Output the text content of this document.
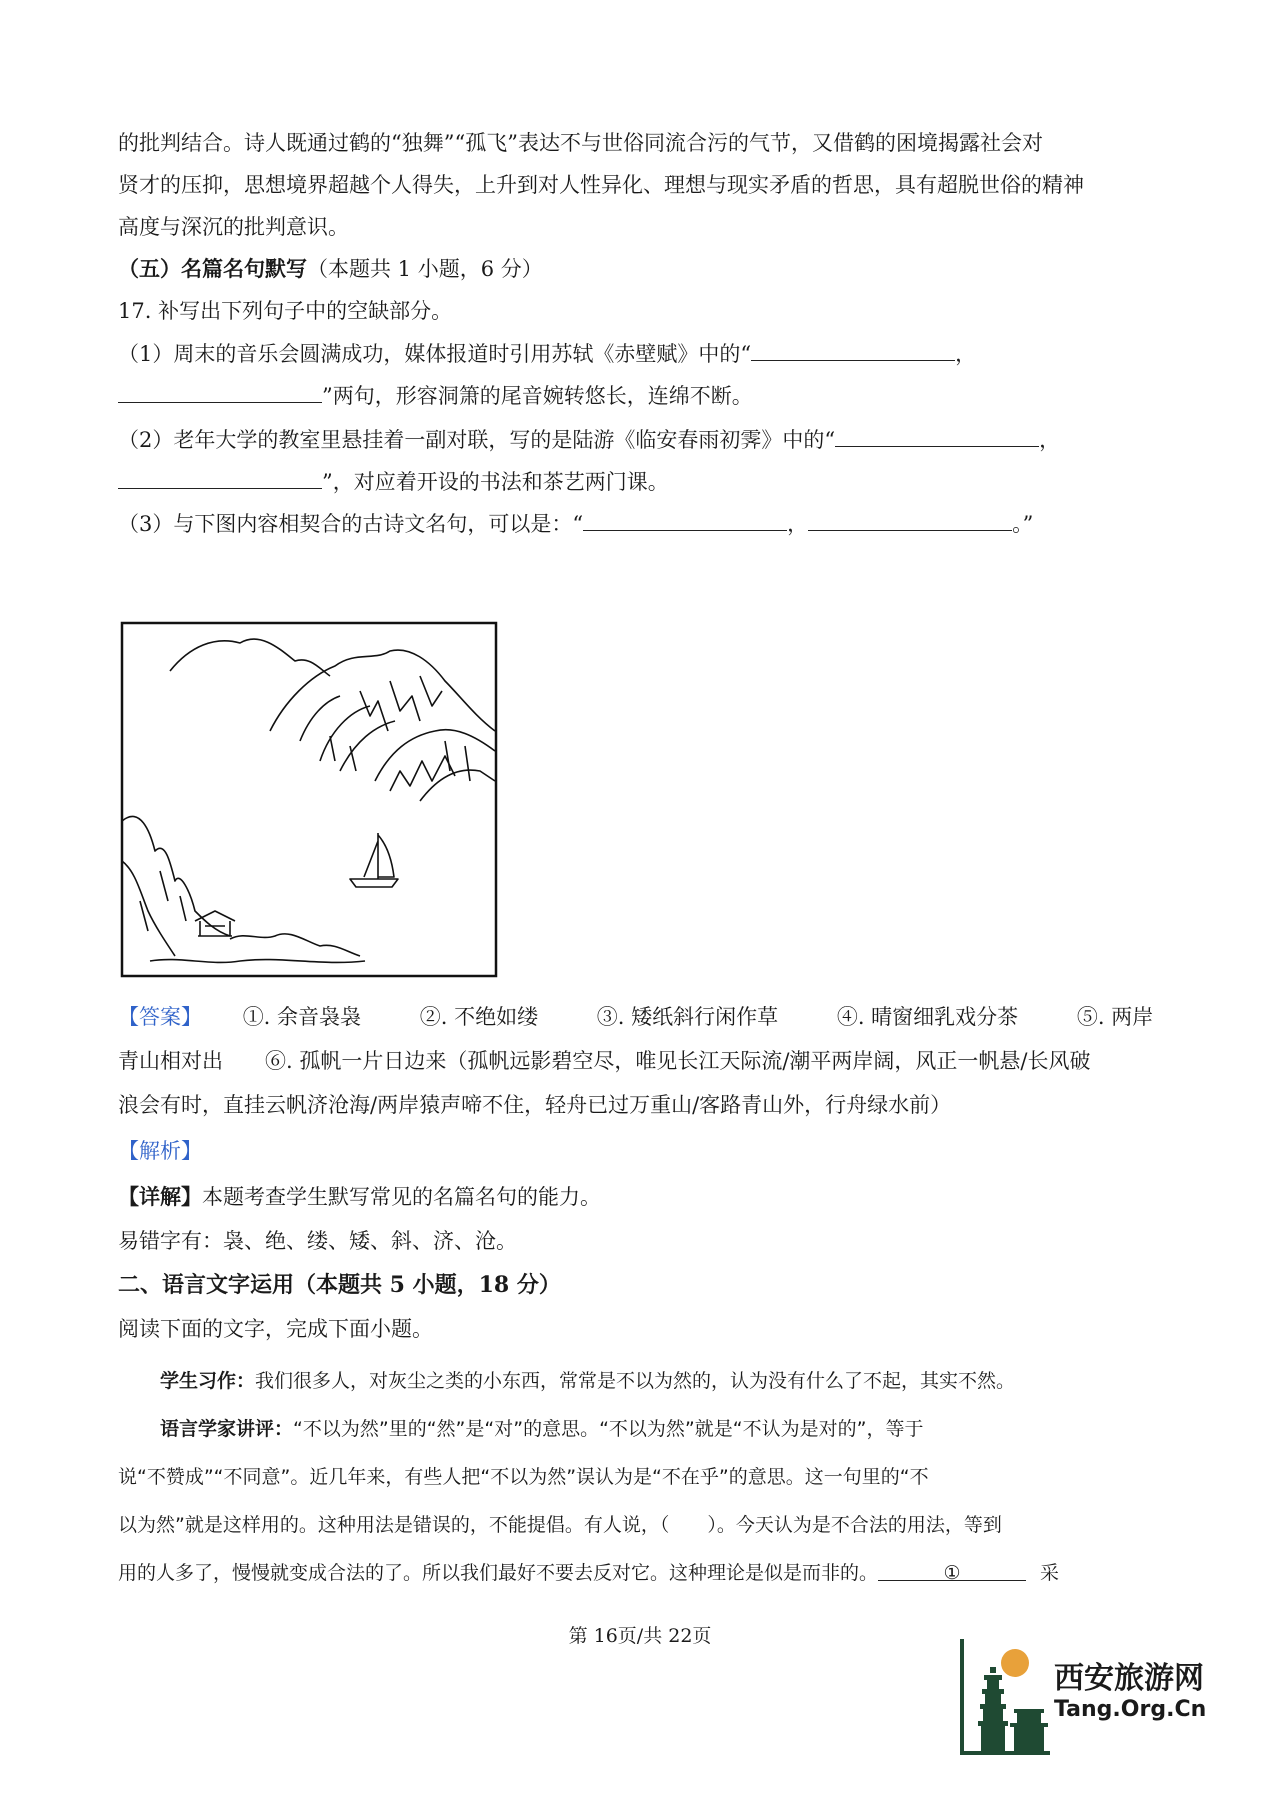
的批判结合。诗人既通过鹤的“独舞”“孤飞”表达不与世俗同流合污的气节，又借鹤的困境揭露社会对
贤才的压抑，思想境界超越个人得失，上升到对人性异化、理想与现实矛盾的哲思，具有超脱世俗的精神
高度与深沉的批判意识。
（五）名篇名句默写（本题共 1 小题，6 分）
17. 补写出下列句子中的空缺部分。
（1）周末的音乐会圆满成功，媒体报道时引用苏轼《赤壁赋》中的“	，
”两句，形容洞箫的尾音婉转悠长，连绵不断。
（2）老年大学的教室里悬挂着一副对联，写的是陆游《临安春雨初霁》中的“	，
”，对应着开设的书法和茶艺两门课。
（3）与下图内容相契合的古诗文名句，可以是：“	，	。”
【答案】 ①. 余音袅袅	②. 不绝如缕	③. 矮纸斜行闲作草	④. 晴窗细乳戏分茶	⑤. 两岸
青山相对出　　⑥. 孤帆一片日边来（孤帆远影碧空尽，唯见长江天际流/潮平两岸阔，风正一帆悬/长风破
浪会有时，直挂云帆济沧海/两岸猿声啼不住，轻舟已过万重山/客路青山外，行舟绿水前）
【解析】
【详解】本题考查学生默写常见的名篇名句的能力。
易错字有：袅、绝、缕、矮、斜、济、沧。
二、语言文字运用（本题共 5 小题，18 分）
阅读下面的文字，完成下面小题。
学生习作：我们很多人，对灰尘之类的小东西，常常是不以为然的，认为没有什么了不起，其实不然。
语言学家讲评：“不以为然”里的“然”是“对”的意思。“不以为然”就是“不认为是对的”，等于
说“不赞成”“不同意”。近几年来，有些人把“不以为然”误认为是“不在乎”的意思。这一句里的“不
以为然”就是这样用的。这种用法是错误的，不能提倡。有人说，（　　）。今天认为是不合法的用法，等到
用的人多了，慢慢就变成合法的了。所以我们最好不要去反对它。这种理论是似是而非的。	①	采
第 16页/共 22页
西安旅游网
Tang.Org.Cn
